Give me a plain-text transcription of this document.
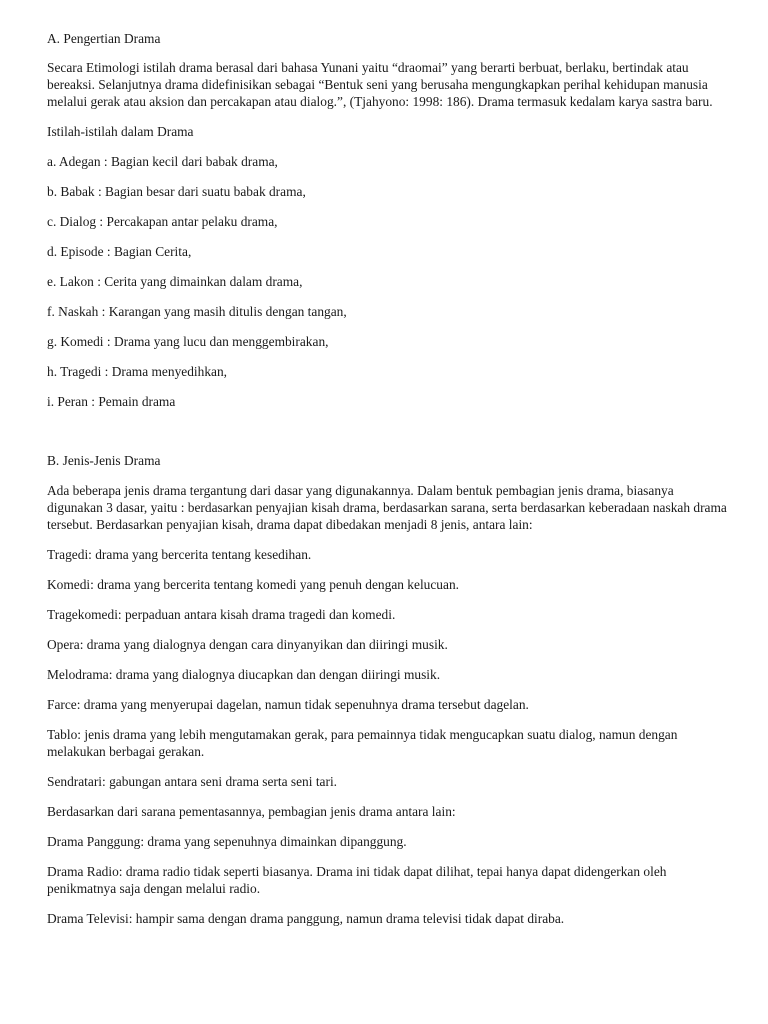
A. Pengertian Drama

Secara Etimologi istilah drama berasal dari bahasa Yunani yaitu “draomai” yang berarti berbuat, berlaku, bertindak atau bereaksi. Selanjutnya drama didefinisikan sebagai “Bentuk seni yang berusaha mengungkapkan perihal kehidupan manusia melalui gerak atau aksion dan percakapan atau dialog.”, (Tjahyono: 1998: 186). Drama termasuk kedalam karya sastra baru.

Istilah-istilah dalam Drama

a. Adegan : Bagian kecil dari babak drama,

b. Babak : Bagian besar dari suatu babak drama,

c. Dialog : Percakapan antar pelaku drama,

d. Episode : Bagian Cerita,

e. Lakon : Cerita yang dimainkan dalam drama,

f. Naskah : Karangan yang masih ditulis dengan tangan,

g. Komedi : Drama yang lucu dan menggembirakan,

h. Tragedi : Drama menyedihkan,

i. Peran : Pemain drama

B. Jenis-Jenis Drama

Ada beberapa jenis drama tergantung dari dasar yang digunakannya. Dalam bentuk pembagian jenis drama, biasanya digunakan 3 dasar, yaitu : berdasarkan penyajian kisah drama, berdasarkan sarana, serta berdasarkan keberadaan naskah drama tersebut. Berdasarkan penyajian kisah, drama dapat dibedakan menjadi 8 jenis, antara lain:

Tragedi: drama yang bercerita tentang kesedihan.

Komedi: drama yang bercerita tentang komedi yang penuh dengan kelucuan.

Tragekomedi: perpaduan antara kisah drama tragedi dan komedi.

Opera: drama yang dialognya dengan cara dinyanyikan dan diiringi musik.

Melodrama: drama yang dialognya diucapkan dan dengan diiringi musik.

Farce: drama yang menyerupai dagelan, namun tidak sepenuhnya drama tersebut dagelan.

Tablo: jenis drama yang lebih mengutamakan gerak, para pemainnya tidak mengucapkan suatu dialog, namun dengan melakukan berbagai gerakan.

Sendratari: gabungan antara seni drama serta seni tari.

Berdasarkan dari sarana pementasannya, pembagian jenis drama antara lain:

Drama Panggung: drama yang sepenuhnya dimainkan dipanggung.

Drama Radio: drama radio tidak seperti biasanya. Drama ini tidak dapat dilihat, tepai hanya dapat didengerkan oleh penikmatnya saja dengan melalui radio.

Drama Televisi: hampir sama dengan drama panggung, namun drama televisi tidak dapat diraba.
